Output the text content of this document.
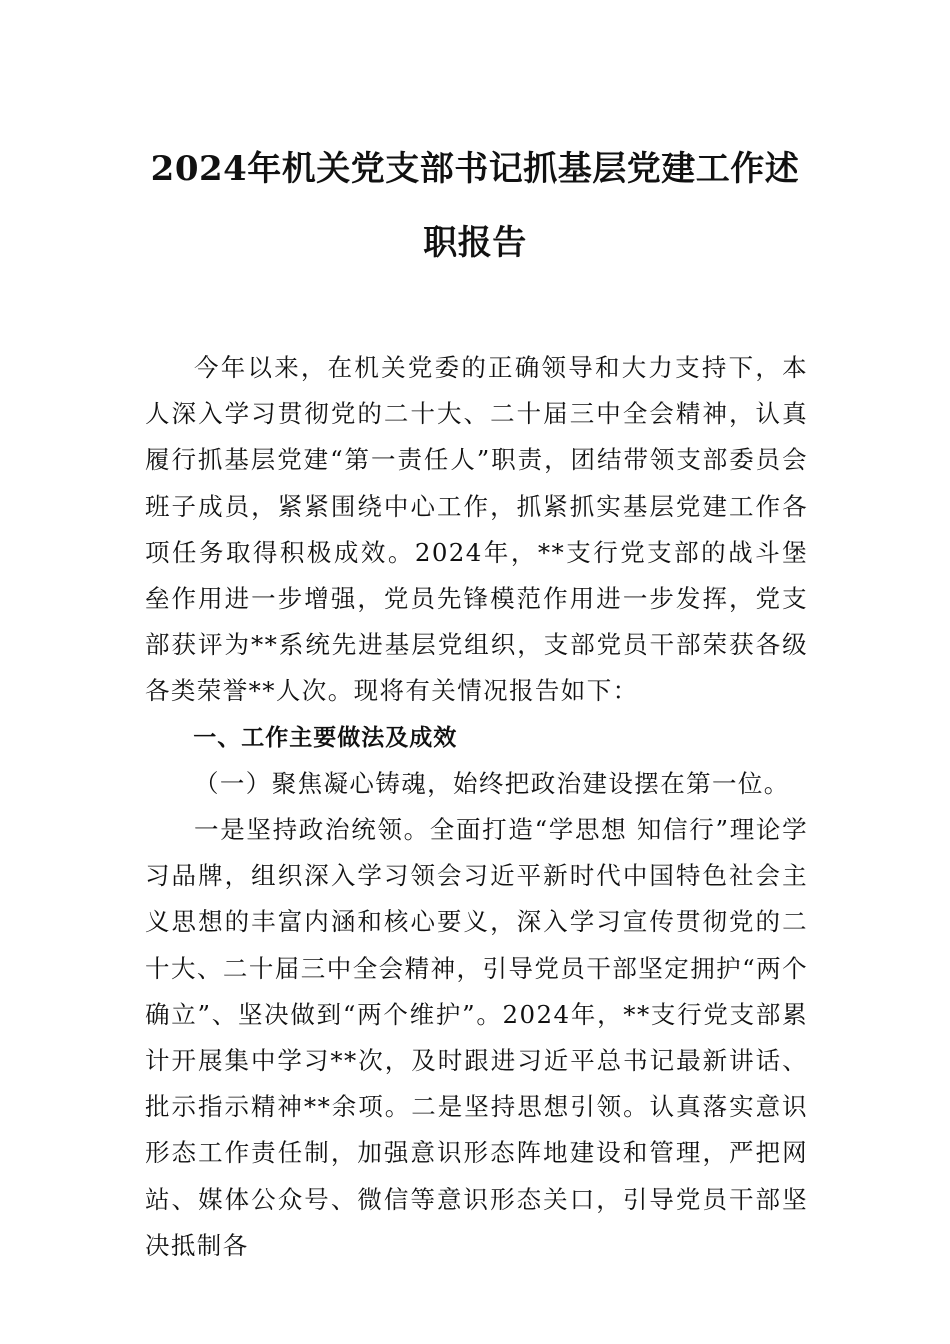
2024年机关党支部书记抓基层党建工作述
职报告

今年以来，在机关党委的正确领导和大力支持下，本人深入学习贯彻党的二十大、二十届三中全会精神，认真履行抓基层党建“第一责任人”职责，团结带领支部委员会班子成员，紧紧围绕中心工作，抓紧抓实基层党建工作各项任务取得积极成效。2024年，**支行党支部的战斗堡垒作用进一步增强，党员先锋模范作用进一步发挥，党支部获评为**系统先进基层党组织，支部党员干部荣获各级各类荣誉**人次。现将有关情况报告如下：

一、工作主要做法及成效

（一）聚焦凝心铸魂，始终把政治建设摆在第一位。

一是坚持政治统领。全面打造“学思想 知信行”理论学习品牌，组织深入学习领会习近平新时代中国特色社会主义思想的丰富内涵和核心要义，深入学习宣传贯彻党的二十大、二十届三中全会精神，引导党员干部坚定拥护“两个确立”、坚决做到“两个维护”。2024年，**支行党支部累计开展集中学习**次，及时跟进习近平总书记最新讲话、批示指示精神**余项。二是坚持思想引领。认真落实意识形态工作责任制，加强意识形态阵地建设和管理，严把网站、媒体公众号、微信等意识形态关口，引导党员干部坚决抵制各
